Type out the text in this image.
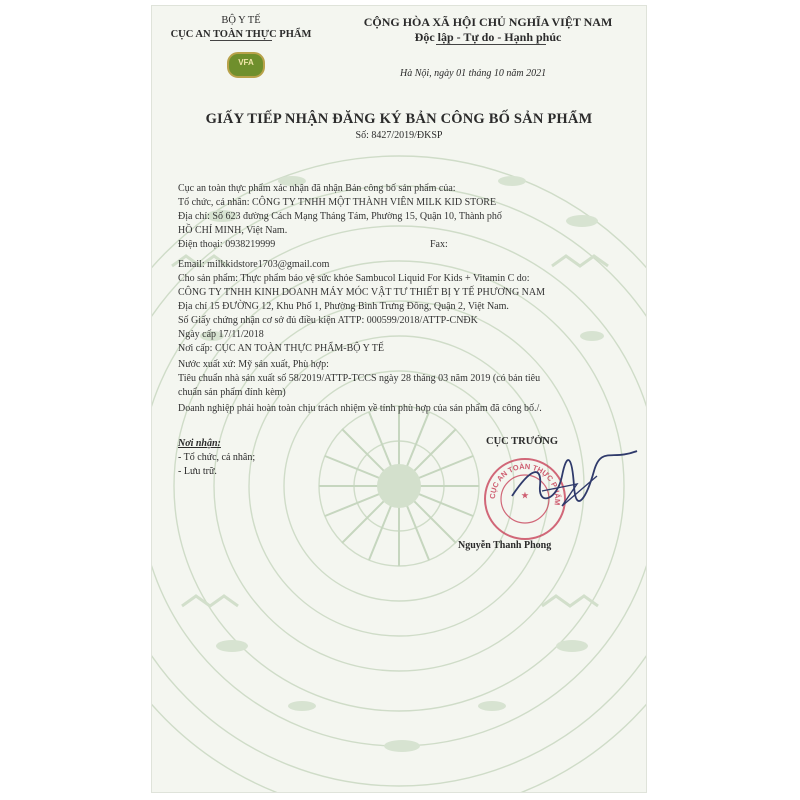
BỘ Y TẾ
CỤC AN TOÀN THỰC PHẨM
VFA
CỘNG HÒA XÃ HỘI CHỦ NGHĨA VIỆT NAM
Độc lập - Tự do - Hạnh phúc
Hà Nội, ngày 01 tháng 10 năm 2021
GIẤY TIẾP NHẬN ĐĂNG KÝ BẢN CÔNG BỐ SẢN PHẨM
Số: 8427/2019/ĐKSP
Cục an toàn thực phẩm xác nhận đã nhận Bản công bố sản phẩm của:
Tổ chức, cá nhân: CÔNG TY TNHH MỘT THÀNH VIÊN MILK KID STORE
Địa chỉ: Số 623 đường Cách Mạng Tháng Tám, Phường 15, Quận 10, Thành phố
HỒ CHÍ MINH, Việt Nam.
Điện thoại: 0938219999	Fax:
Email: milkkidstore1703@gmail.com
Cho sản phẩm: Thực phẩm bảo vệ sức khỏe Sambucol Liquid For Kids + Vitamin C do:
CÔNG TY TNHH KINH DOANH MÁY MÓC VẬT TƯ THIẾT BỊ Y TẾ PHƯƠNG NAM
Địa chỉ 15 ĐƯỜNG 12, Khu Phố 1, Phường Bình Trưng Đông, Quận 2, Việt Nam.
Số Giấy chứng nhận cơ sở đủ điều kiện ATTP: 000599/2018/ATTP-CNĐK
Ngày cấp 17/11/2018
Nơi cấp: CỤC AN TOÀN THỰC PHẨM-BỘ Y TẾ
Nước xuất xứ: Mỹ sản xuất, Phù hợp:
Tiêu chuẩn nhà sản xuất số 58/2019/ATTP-TCCS ngày 28 tháng 03 năm 2019 (có bản tiêu
chuẩn sản phẩm đính kèm)
Doanh nghiệp phải hoàn toàn chịu trách nhiệm về tính phù hợp của sản phẩm đã công bố./.
Nơi nhận:
- Tổ chức, cá nhân;
- Lưu trữ.
CỤC TRƯỞNG
CỤC AN TOÀN THỰC PHẨM
★
Nguyễn Thanh Phong
